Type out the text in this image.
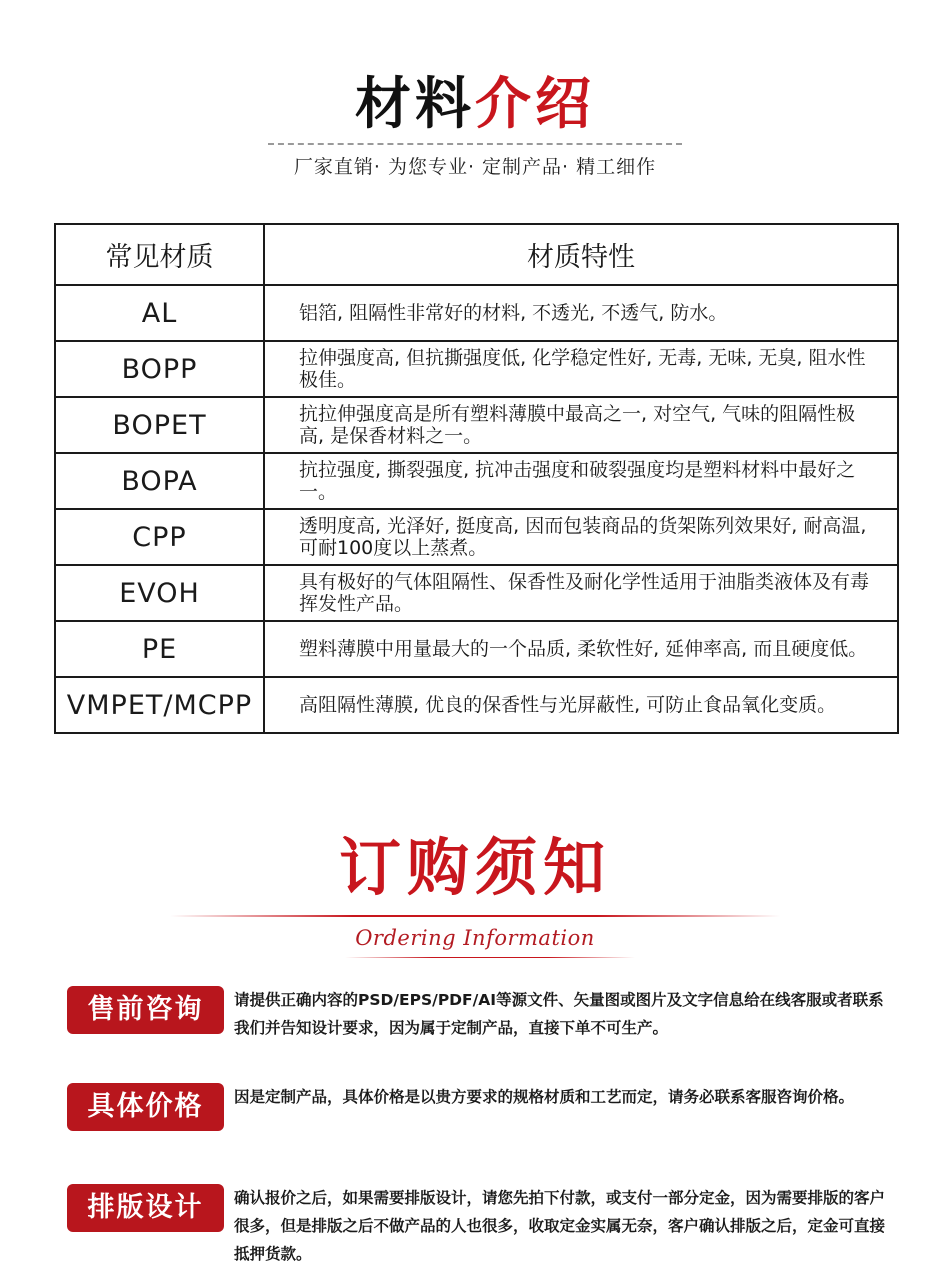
材料介绍
厂家直销· 为您专业· 定制产品· 精工细作
常见材质	材质特性
AL	铝箔, 阻隔性非常好的材料, 不透光, 不透气, 防水。
BOPP	拉伸强度高, 但抗撕强度低, 化学稳定性好, 无毒, 无味, 无臭, 阻水性极佳。
BOPET	抗拉伸强度高是所有塑料薄膜中最高之一, 对空气, 气味的阻隔性极高, 是保香材料之一。
BOPA	抗拉强度, 撕裂强度, 抗冲击强度和破裂强度均是塑料材料中最好之一。
CPP	透明度高, 光泽好, 挺度高, 因而包装商品的货架陈列效果好, 耐高温, 可耐100度以上蒸煮。
EVOH	具有极好的气体阻隔性、保香性及耐化学性适用于油脂类液体及有毒挥发性产品。
PE	塑料薄膜中用量最大的一个品质, 柔软性好, 延伸率高, 而且硬度低。
VMPET/MCPP	高阻隔性薄膜, 优良的保香性与光屏蔽性, 可防止食品氧化变质。
订购须知
Ordering Information
售前咨询	请提供正确内容的PSD/EPS/PDF/AI等源文件、矢量图或图片及文字信息给在线客服或者联系我们并告知设计要求，因为属于定制产品，直接下单不可生产。
具体价格	因是定制产品，具体价格是以贵方要求的规格材质和工艺而定，请务必联系客服咨询价格。
排版设计	确认报价之后，如果需要排版设计，请您先拍下付款，或支付一部分定金，因为需要排版的客户很多，但是排版之后不做产品的人也很多，收取定金实属无奈，客户确认排版之后，定金可直接抵押货款。
